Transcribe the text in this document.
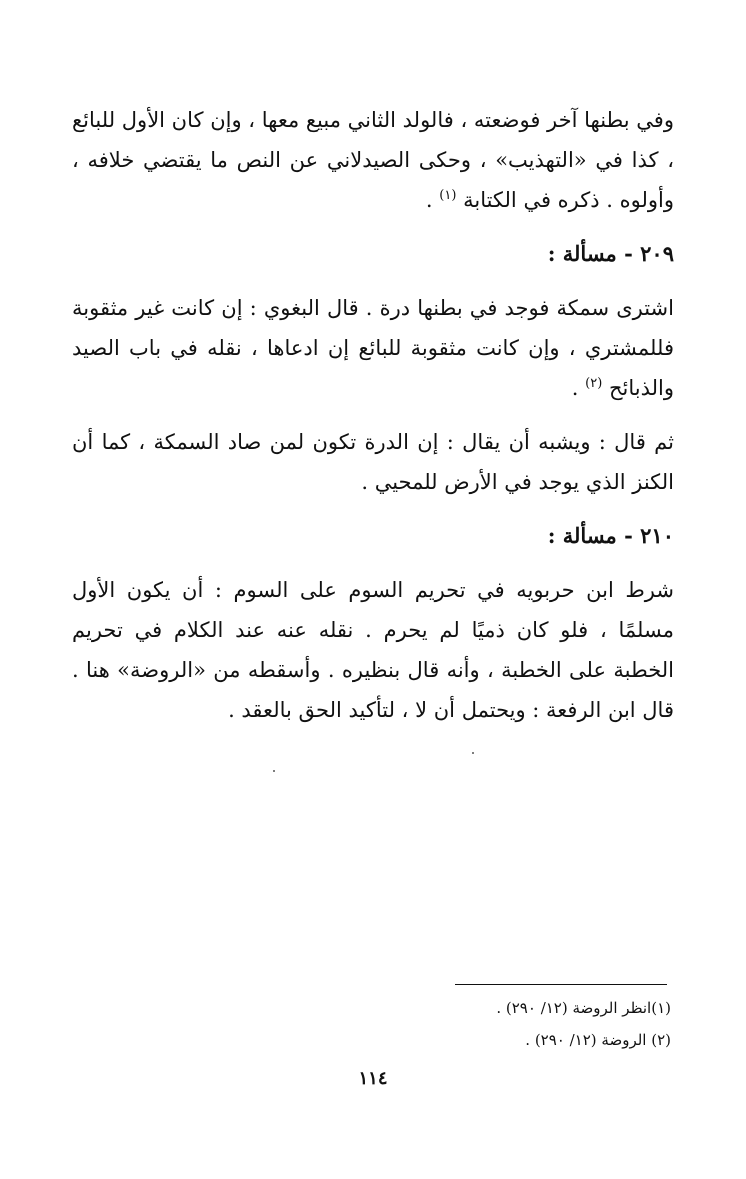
وفي بطنها آخر فوضعته ، فالولد الثاني مبيع معها ، وإن كان الأول للبائع ، كذا في «التهذيب» ، وحكى الصيدلاني عن النص ما يقتضي خلافه ، وأولوه . ذكره في الكتابة $^{(١)}$ .

٢٠٩ - مسألة :

اشترى سمكة فوجد في بطنها درة . قال البغوي : إن كانت غير مثقوبة فللمشتري ، وإن كانت مثقوبة للبائع إن ادعاها ، نقله في باب الصيد والذبائح $^{(٢)}$ .

ثم قال : ويشبه أن يقال : إن الدرة تكون لمن صاد السمكة ، كما أن الكنز الذي يوجد في الأرض للمحيي .

٢١٠ - مسألة :

شرط ابن حربويه في تحريم السوم على السوم : أن يكون الأول مسلمًا ، فلو كان ذميًا لم يحرم . نقله عنه عند الكلام في تحريم الخطبة على الخطبة ، وأنه قال بنظيره . وأسقطه من «الروضة» هنا . قال ابن الرفعة : ويحتمل أن لا ، لتأكيد الحق بالعقد .

(١)انظر الروضة (١٢/ ٢٩٠) .

(٢) الروضة (١٢/ ٢٩٠) .

١١٤
